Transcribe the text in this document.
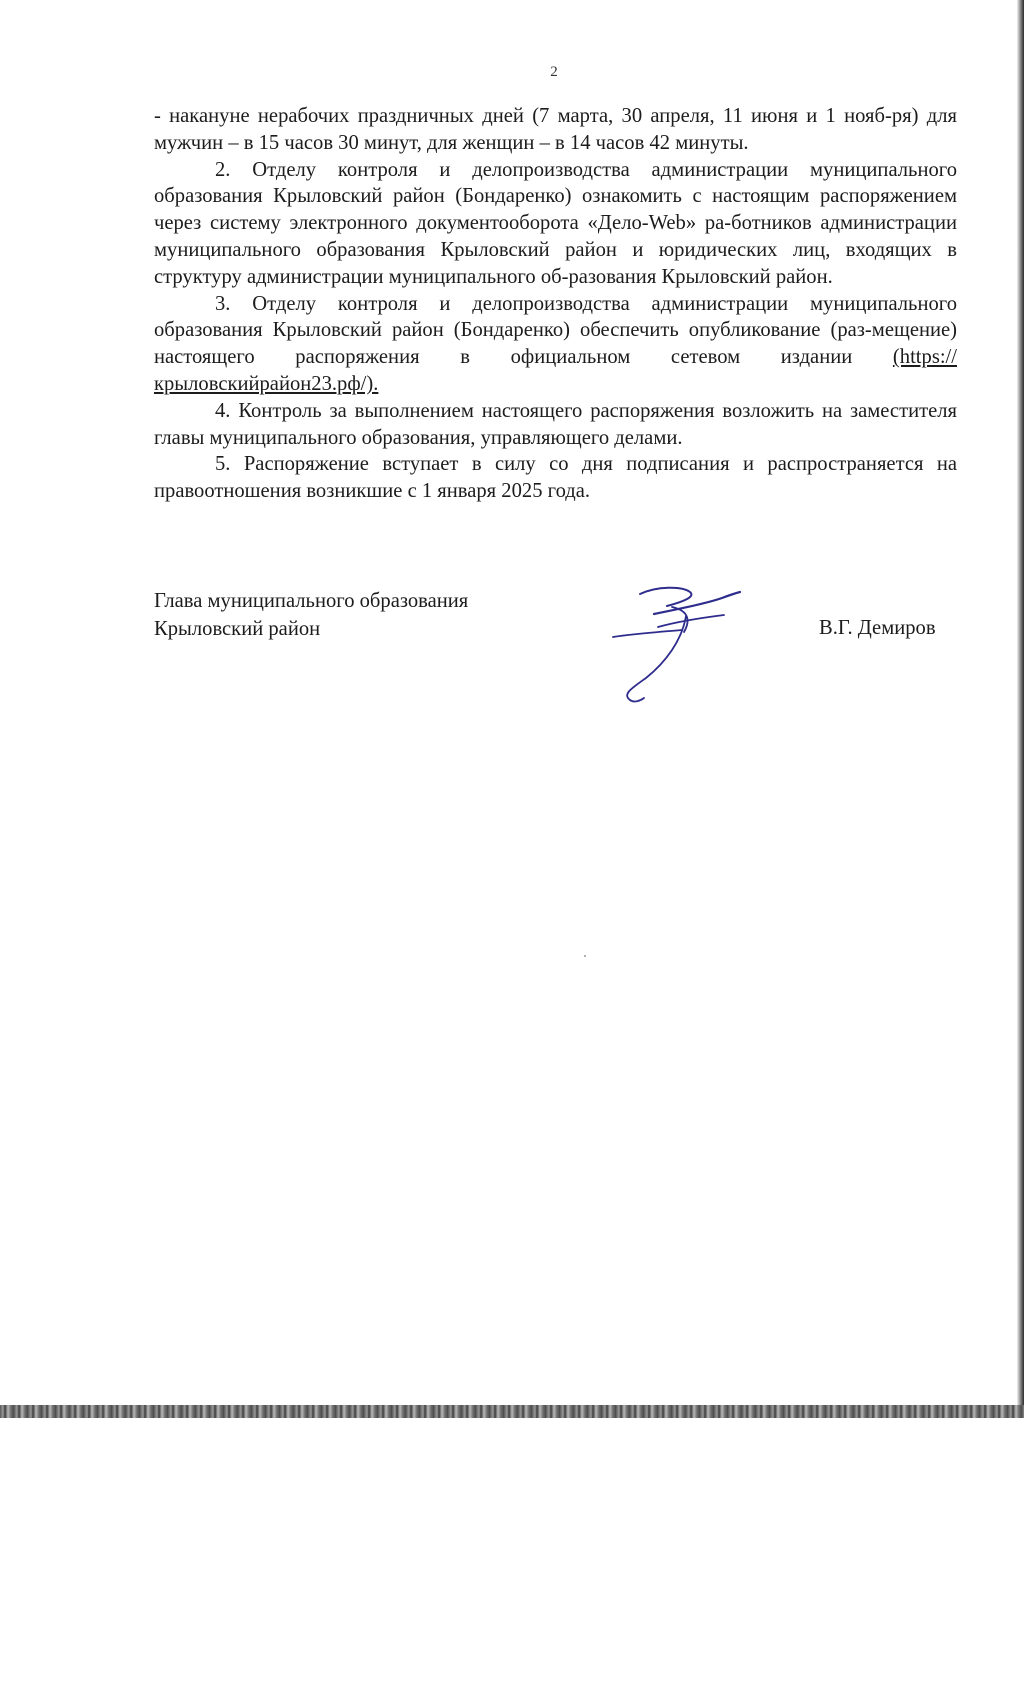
2

- накануне нерабочих праздничных дней (7 марта, 30 апреля, 11 июня и 1 нояб-ря) для мужчин – в 15 часов 30 минут, для женщин – в 14 часов 42 минуты.

2. Отделу контроля и делопроизводства администрации муниципального образования Крыловский район (Бондаренко) ознакомить с настоящим распоряжением через систему электронного документооборота «Дело-Web» ра-ботников администрации муниципального образования Крыловский район и юридических лиц, входящих в структуру администрации муниципального об-разования Крыловский район.

3. Отделу контроля и делопроизводства администрации муниципального образования Крыловский район (Бондаренко) обеспечить опубликование (раз-мещение) настоящего распоряжения в официальном сетевом издании (https://крыловскийрайон23.рф/).

4. Контроль за выполнением настоящего распоряжения возложить на заместителя главы муниципального образования, управляющего делами.

5. Распоряжение вступает в силу со дня подписания и распространяется на правоотношения возникшие с 1 января 2025 года.

Глава муниципального образования

Крыловский район	В.Г. Демиров
